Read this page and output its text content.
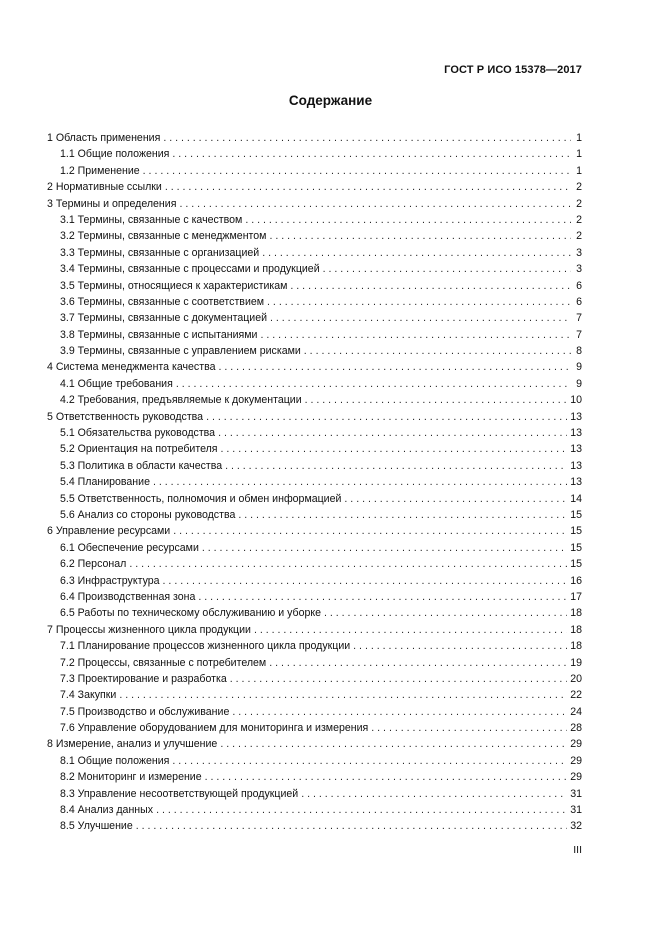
ГОСТ Р ИСО 15378—2017
Содержание
1 Область применения . . .	1
1.1 Общие положения . . .	1
1.2 Применение . . .	1
2 Нормативные ссылки . . .	2
3 Термины и определения . . .	2
3.1 Термины, связанные с качеством . . .	2
3.2 Термины, связанные с менеджментом . . .	2
3.3 Термины, связанные с организацией . . .	3
3.4 Термины, связанные с процессами и продукцией . . .	3
3.5 Термины, относящиеся к характеристикам . . .	6
3.6 Термины, связанные с соответствием . . .	6
3.7 Термины, связанные с документацией . . .	7
3.8 Термины, связанные с испытаниями . . .	7
3.9 Термины, связанные с управлением рисками . . .	8
4 Система менеджмента качества . . .	9
4.1 Общие требования . . .	9
4.2 Требования, предъявляемые к документации . . .	10
5 Ответственность руководства . . .	13
5.1 Обязательства руководства . . .	13
5.2 Ориентация на потребителя . . .	13
5.3 Политика в области качества . . .	13
5.4 Планирование . . .	13
5.5 Ответственность, полномочия и обмен информацией . . .	14
5.6 Анализ со стороны руководства . . .	15
6 Управление ресурсами . . .	15
6.1 Обеспечение ресурсами . . .	15
6.2 Персонал . . .	15
6.3 Инфраструктура . . .	16
6.4 Производственная зона . . .	17
6.5 Работы по техническому обслуживанию и уборке . . .	18
7 Процессы жизненного цикла продукции . . .	18
7.1 Планирование процессов жизненного цикла продукции . . .	18
7.2 Процессы, связанные с потребителем . . .	19
7.3 Проектирование и разработка . . .	20
7.4 Закупки . . .	22
7.5 Производство и обслуживание . . .	24
7.6 Управление оборудованием для мониторинга и измерения . . .	28
8 Измерение, анализ и улучшение . . .	29
8.1 Общие положения . . .	29
8.2 Мониторинг и измерение . . .	29
8.3 Управление несоответствующей продукцией . . .	31
8.4 Анализ данных . . .	31
8.5 Улучшение . . .	32
III
